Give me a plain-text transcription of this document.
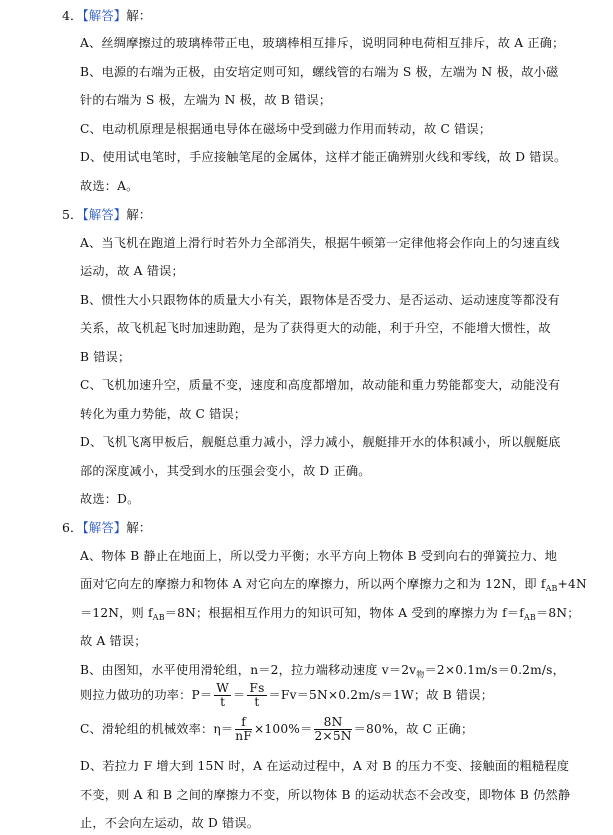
4．【解答】解：
A、丝绸摩擦过的玻璃棒带正电，玻璃棒相互排斥，说明同种电荷相互排斥，故 A 正确；
B、电源的右端为正极，由安培定则可知，螺线管的右端为 S 极，左端为 N 极，故小磁
针的右端为 S 极，左端为 N 极，故 B 错误；
C、电动机原理是根据通电导体在磁场中受到磁力作用而转动，故 C 错误；
D、使用试电笔时，手应接触笔尾的金属体，这样才能正确辨别火线和零线，故 D 错误。
故选：A。
5．【解答】解：
A、当飞机在跑道上滑行时若外力全部消失，根据牛顿第一定律他将会作向上的匀速直线
运动，故 A 错误；
B、惯性大小只跟物体的质量大小有关，跟物体是否受力、是否运动、运动速度等都没有
关系，故飞机起飞时加速助跑，是为了获得更大的动能，利于升空，不能增大惯性，故
B 错误；
C、飞机加速升空，质量不变，速度和高度都增加，故动能和重力势能都变大，动能没有
转化为重力势能，故 C 错误；
D、飞机飞离甲板后，舰艇总重力减小，浮力减小，舰艇排开水的体积减小，所以舰艇底
部的深度减小，其受到水的压强会变小，故 D 正确。
故选：D。
6．【解答】解：
A、物体 B 静止在地面上，所以受力平衡；水平方向上物体 B 受到向右的弹簧拉力、地
面对它向左的摩擦力和物体 A 对它向左的摩擦力，所以两个摩擦力之和为 12N，即 $f_{AB}+4N$
＝12N，则 $f_{AB}=8N$；根据相互作用力的知识可知，物体 A 受到的摩擦力为 $f=f_{AB}=8N$；
故 A 错误；
B、由图知，水平使用滑轮组，n＝2，拉力端移动速度 $v=2v_物=2\times 0.1m/s=0.2m/s$，
则拉力做功的功率：$P= \frac{W}{t} = \frac{Fs}{t} =Fv=5N\times 0.2m/s=1W$；故 B 错误；
C、滑轮组的机械效率：$\eta= \frac{f}{nF} \times 100\%= \frac{8N}{2\times 5N} =80\%$，故 C 正确；
D、若拉力 F 增大到 15N 时，A 在运动过程中，A 对 B 的压力不变、接触面的粗糙程度
不变，则 A 和 B 之间的摩擦力不变，所以物体 B 的运动状态不会改变，即物体 B 仍然静
止，不会向左运动，故 D 错误。
